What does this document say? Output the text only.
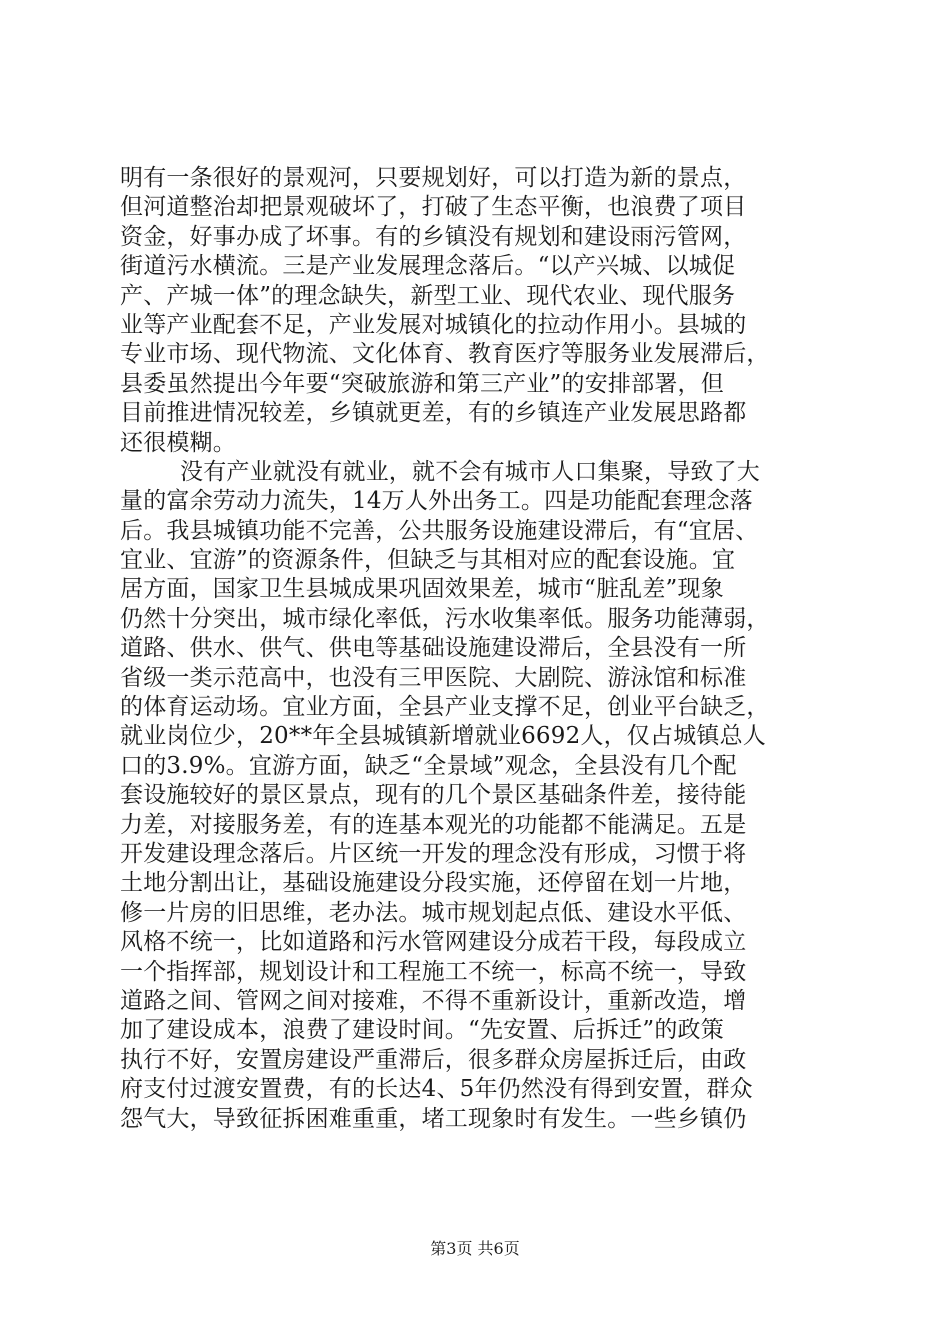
明有一条很好的景观河，只要规划好，可以打造为新的景点，
但河道整治却把景观破坏了，打破了生态平衡，也浪费了项目
资金，好事办成了坏事。有的乡镇没有规划和建设雨污管网，
街道污水横流。三是产业发展理念落后。“以产兴城、以城促
产、产城一体”的理念缺失，新型工业、现代农业、现代服务
业等产业配套不足，产业发展对城镇化的拉动作用小。县城的
专业市场、现代物流、文化体育、教育医疗等服务业发展滞后，
县委虽然提出今年要“突破旅游和第三产业”的安排部署，但
目前推进情况较差，乡镇就更差，有的乡镇连产业发展思路都
还很模糊。
没有产业就没有就业，就不会有城市人口集聚，导致了大
量的富余劳动力流失，14万人外出务工。四是功能配套理念落
后。我县城镇功能不完善，公共服务设施建设滞后，有“宜居、
宜业、宜游”的资源条件，但缺乏与其相对应的配套设施。宜
居方面，国家卫生县城成果巩固效果差，城市“脏乱差”现象
仍然十分突出，城市绿化率低，污水收集率低。服务功能薄弱，
道路、供水、供气、供电等基础设施建设滞后，全县没有一所
省级一类示范高中，也没有三甲医院、大剧院、游泳馆和标准
的体育运动场。宜业方面，全县产业支撑不足，创业平台缺乏，
就业岗位少，20**年全县城镇新增就业6692人，仅占城镇总人
口的3.9%。宜游方面，缺乏“全景域”观念，全县没有几个配
套设施较好的景区景点，现有的几个景区基础条件差，接待能
力差，对接服务差，有的连基本观光的功能都不能满足。五是
开发建设理念落后。片区统一开发的理念没有形成，习惯于将
土地分割出让，基础设施建设分段实施，还停留在划一片地，
修一片房的旧思维，老办法。城市规划起点低、建设水平低、
风格不统一，比如道路和污水管网建设分成若干段，每段成立
一个指挥部，规划设计和工程施工不统一，标高不统一，导致
道路之间、管网之间对接难，不得不重新设计，重新改造，增
加了建设成本，浪费了建设时间。“先安置、后拆迁”的政策
执行不好，安置房建设严重滞后，很多群众房屋拆迁后，由政
府支付过渡安置费，有的长达4、5年仍然没有得到安置，群众
怨气大，导致征拆困难重重，堵工现象时有发生。一些乡镇仍
第3页 共6页
